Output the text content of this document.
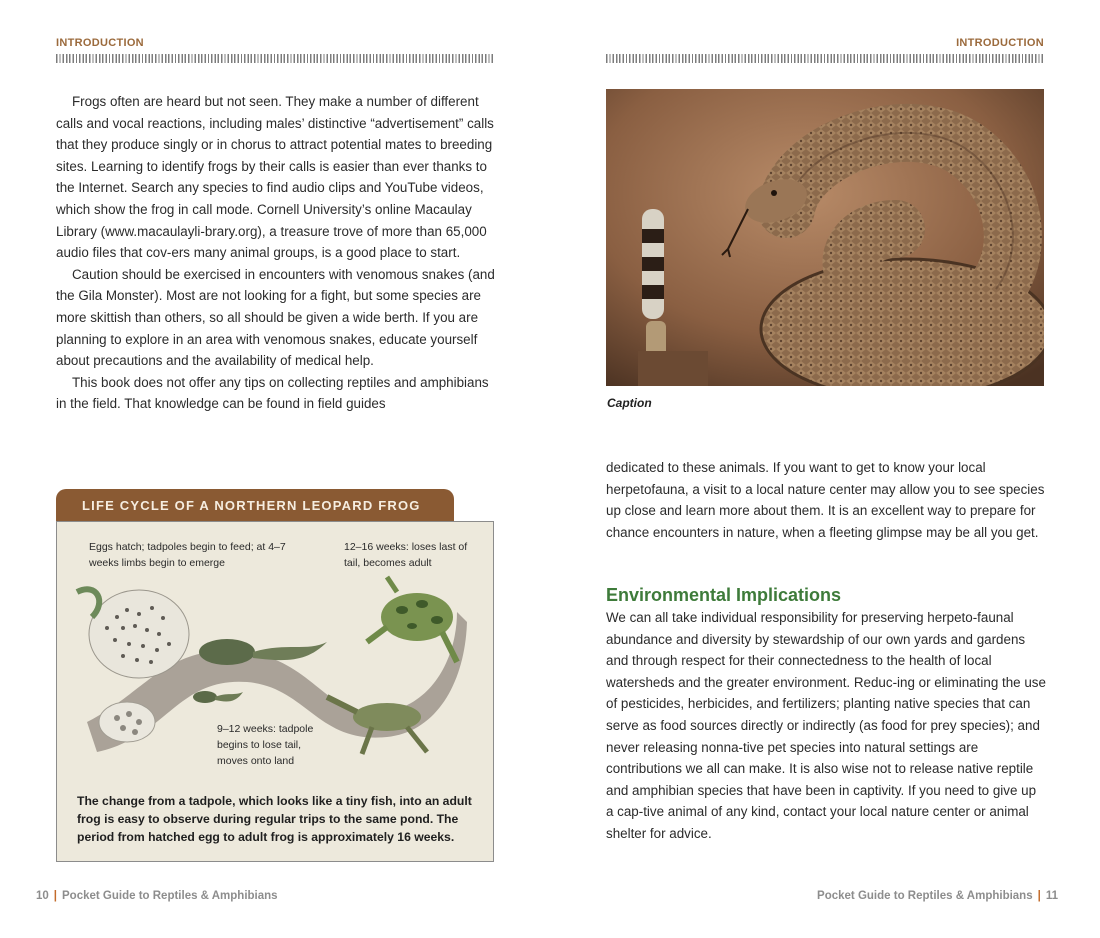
INTRODUCTION

Frogs often are heard but not seen. They make a number of different calls and vocal reactions, including males’ distinctive “advertisement” calls that they produce singly or in chorus to attract potential mates to breeding sites. Learning to identify frogs by their calls is easier than ever thanks to the Internet. Search any species to find audio clips and YouTube videos, which show the frog in call mode. Cornell University’s online Macaulay Library (www.macaulayli-brary.org), a treasure trove of more than 65,000 audio files that cov-ers many animal groups, is a good place to start.

Caution should be exercised in encounters with venomous snakes (and the Gila Monster). Most are not looking for a fight, but some species are more skittish than others, so all should be given a wide berth. If you are planning to explore in an area with venomous snakes, educate yourself about precautions and the availability of medical help.

This book does not offer any tips on collecting reptiles and amphibians in the field. That knowledge can be found in field guides

LIFE CYCLE OF A NORTHERN LEOPARD FROG
Eggs hatch; tadpoles begin to feed; at 4–7 weeks limbs begin to emerge
12–16 weeks: loses last of tail, becomes adult
9–12 weeks: tadpole begins to lose tail, moves onto land
The change from a tadpole, which looks like a tiny fish, into an adult frog is easy to observe during regular trips to the same pond. The period from hatched egg to adult frog is approximately 16 weeks.
10 | Pocket Guide to Reptiles & Amphibians
INTRODUCTION
Caption

dedicated to these animals. If you want to get to know your local herpetofauna, a visit to a local nature center may allow you to see species up close and learn more about them. It is an excellent way to prepare for chance encounters in nature, when a fleeting glimpse may be all you get.

Environmental Implications

We can all take individual responsibility for preserving herpeto-faunal abundance and diversity by stewardship of our own yards and gardens and through respect for their connectedness to the health of local watersheds and the greater environment. Reduc-ing or eliminating the use of pesticides, herbicides, and fertilizers; planting native species that can serve as food sources directly or indirectly (as food for prey species); and never releasing nonna-tive pet species into natural settings are contributions we all can make. It is also wise not to release native reptile and amphibian species that have been in captivity. If you need to give up a cap-tive animal of any kind, contact your local nature center or animal shelter for advice.

Pocket Guide to Reptiles & Amphibians | 11
